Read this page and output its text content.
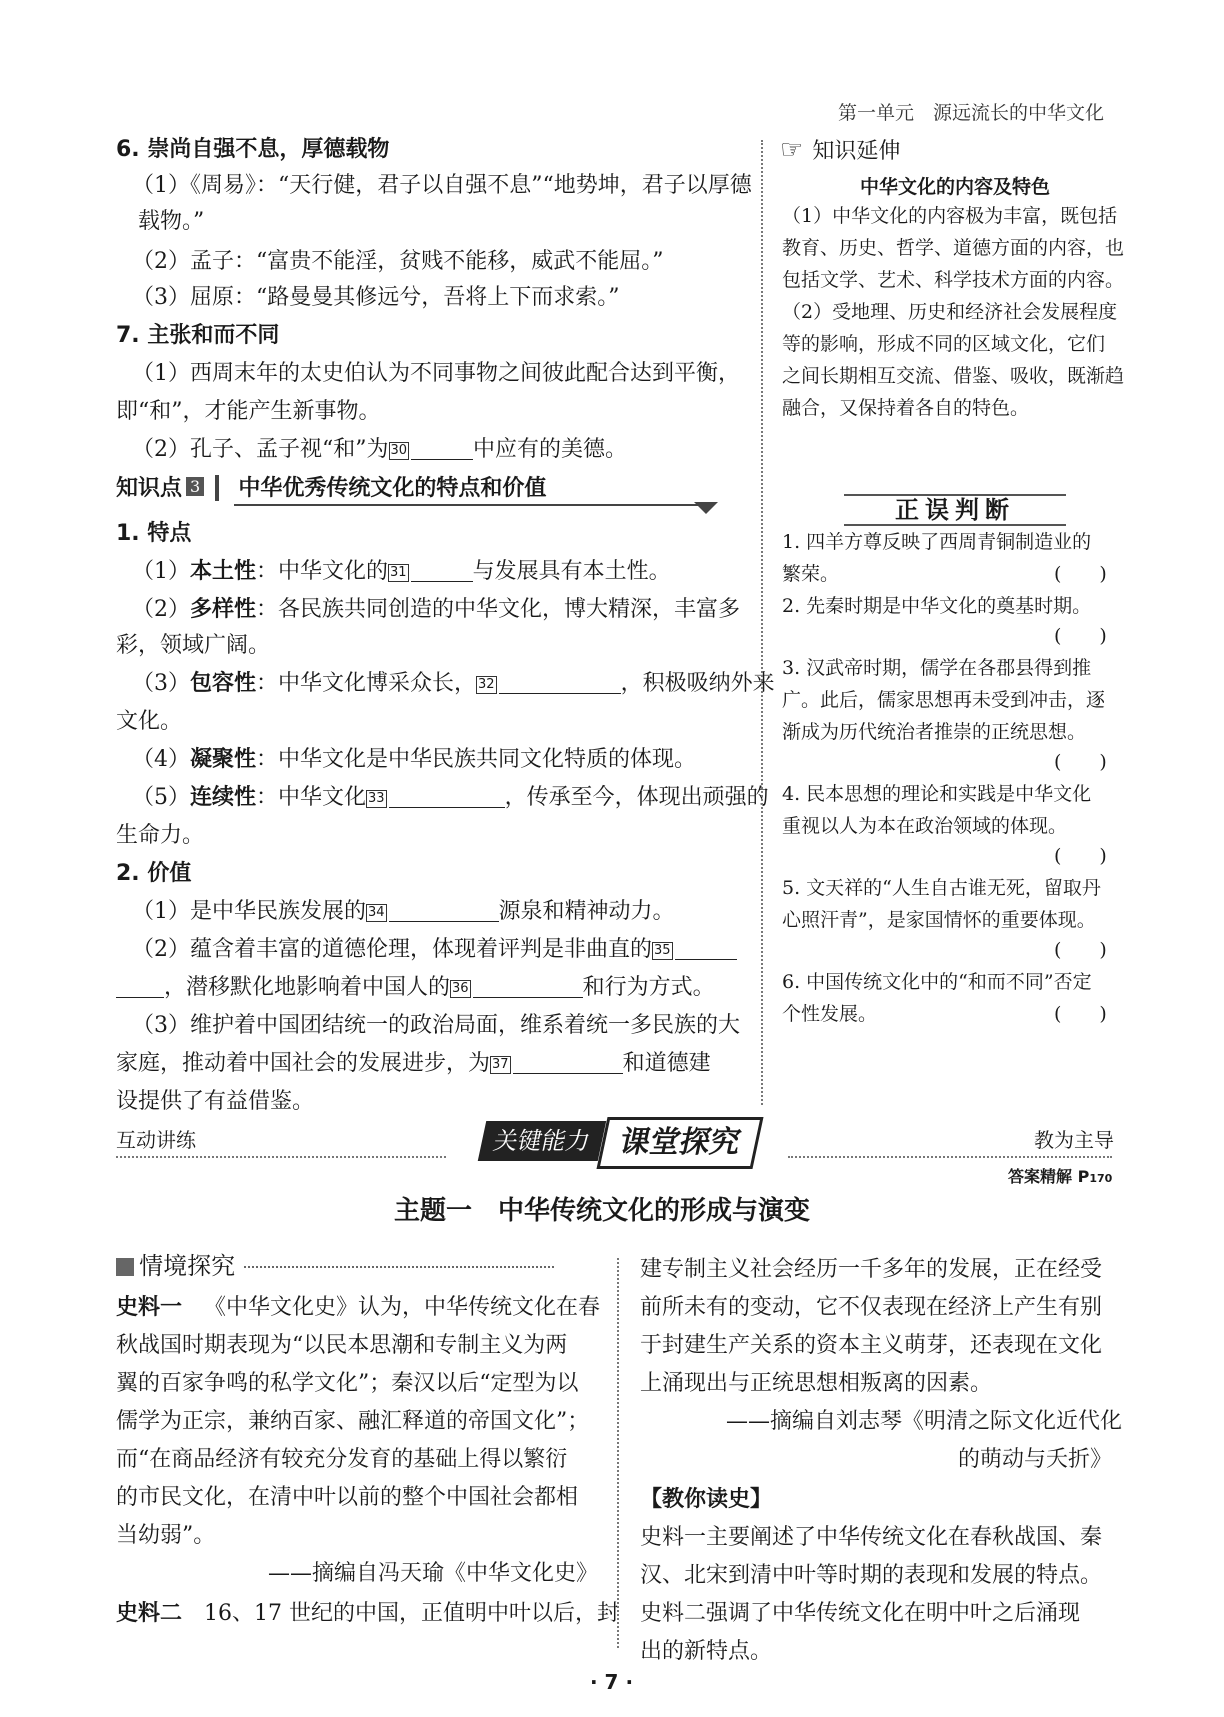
第一单元　源远流长的中华文化
6. 崇尚自强不息，厚德载物
（1）《周易》：“天行健，君子以自强不息”“地势坤，君子以厚德
载物。”
（2）孟子：“富贵不能淫，贫贱不能移，威武不能屈。”
（3）屈原：“路曼曼其修远兮，吾将上下而求索。”
7. 主张和而不同
（1）西周末年的太史伯认为不同事物之间彼此配合达到平衡，
即“和”，才能产生新事物。
（2）孔子、孟子视“和”为 30	中应有的美德。
知识点 3 中华优秀传统文化的特点和价值
1. 特点
（1）本土性：中华文化的 31	与发展具有本土性。
（2）多样性：各民族共同创造的中华文化，博大精深，丰富多
彩，领域广阔。
（3）包容性：中华文化博采众长， 32	，积极吸纳外来
文化。
（4）凝聚性：中华文化是中华民族共同文化特质的体现。
（5）连续性：中华文化 33	，传承至今，体现出顽强的
生命力。
2. 价值
（1）是中华民族发展的 34	源泉和精神动力。
（2）蕴含着丰富的道德伦理，体现着评判是非曲直的 35
，潜移默化地影响着中国人的 36	和行为方式。
（3）维护着中国团结统一的政治局面，维系着统一多民族的大
家庭，推动着中国社会的发展进步，为 37	和道德建
设提供了有益借鉴。
☞ 知识延伸
中华文化的内容及特色
（1）中华文化的内容极为丰富，既包括
教育、历史、哲学、道德方面的内容，也
包括文学、艺术、科学技术方面的内容。
（2）受地理、历史和经济社会发展程度
等的影响，形成不同的区域文化，它们
之间长期相互交流、借鉴、吸收，既渐趋
融合，又保持着各自的特色。
正误判断
1. 四羊方尊反映了西周青铜制造业的
繁荣。	(　　)
2. 先秦时期是中华文化的奠基时期。
(　　)
3. 汉武帝时期，儒学在各郡县得到推
广。此后，儒家思想再未受到冲击，逐
渐成为历代统治者推崇的正统思想。
(　　)
4. 民本思想的理论和实践是中华文化
重视以人为本在政治领域的体现。
(　　)
5. 文天祥的“人生自古谁无死，留取丹
心照汗青”，是家国情怀的重要体现。
(　　)
6. 中国传统文化中的“和而不同”否定
个性发展。	(　　)
互动讲练	关键能力 课堂探究	教为主导
答案精解 P170
主题一　中华传统文化的形成与演变
情境探究
史料一 《中华文化史》认为，中华传统文化在春
秋战国时期表现为“以民本思潮和专制主义为两
翼的百家争鸣的私学文化”；秦汉以后“定型为以
儒学为正宗，兼纳百家、融汇释道的帝国文化”；
而“在商品经济有较充分发育的基础上得以繁衍
的市民文化，在清中叶以前的整个中国社会都相
当幼弱”。
——摘编自冯天瑜《中华文化史》
史料二 16、17 世纪的中国，正值明中叶以后，封
建专制主义社会经历一千多年的发展，正在经受
前所未有的变动，它不仅表现在经济上产生有别
于封建生产关系的资本主义萌芽，还表现在文化
上涌现出与正统思想相叛离的因素。
——摘编自刘志琴《明清之际文化近代化
的萌动与夭折》
【教你读史】
史料一主要阐述了中华传统文化在春秋战国、秦
汉、北宋到清中叶等时期的表现和发展的特点。
史料二强调了中华传统文化在明中叶之后涌现
出的新特点。
· 7 ·
